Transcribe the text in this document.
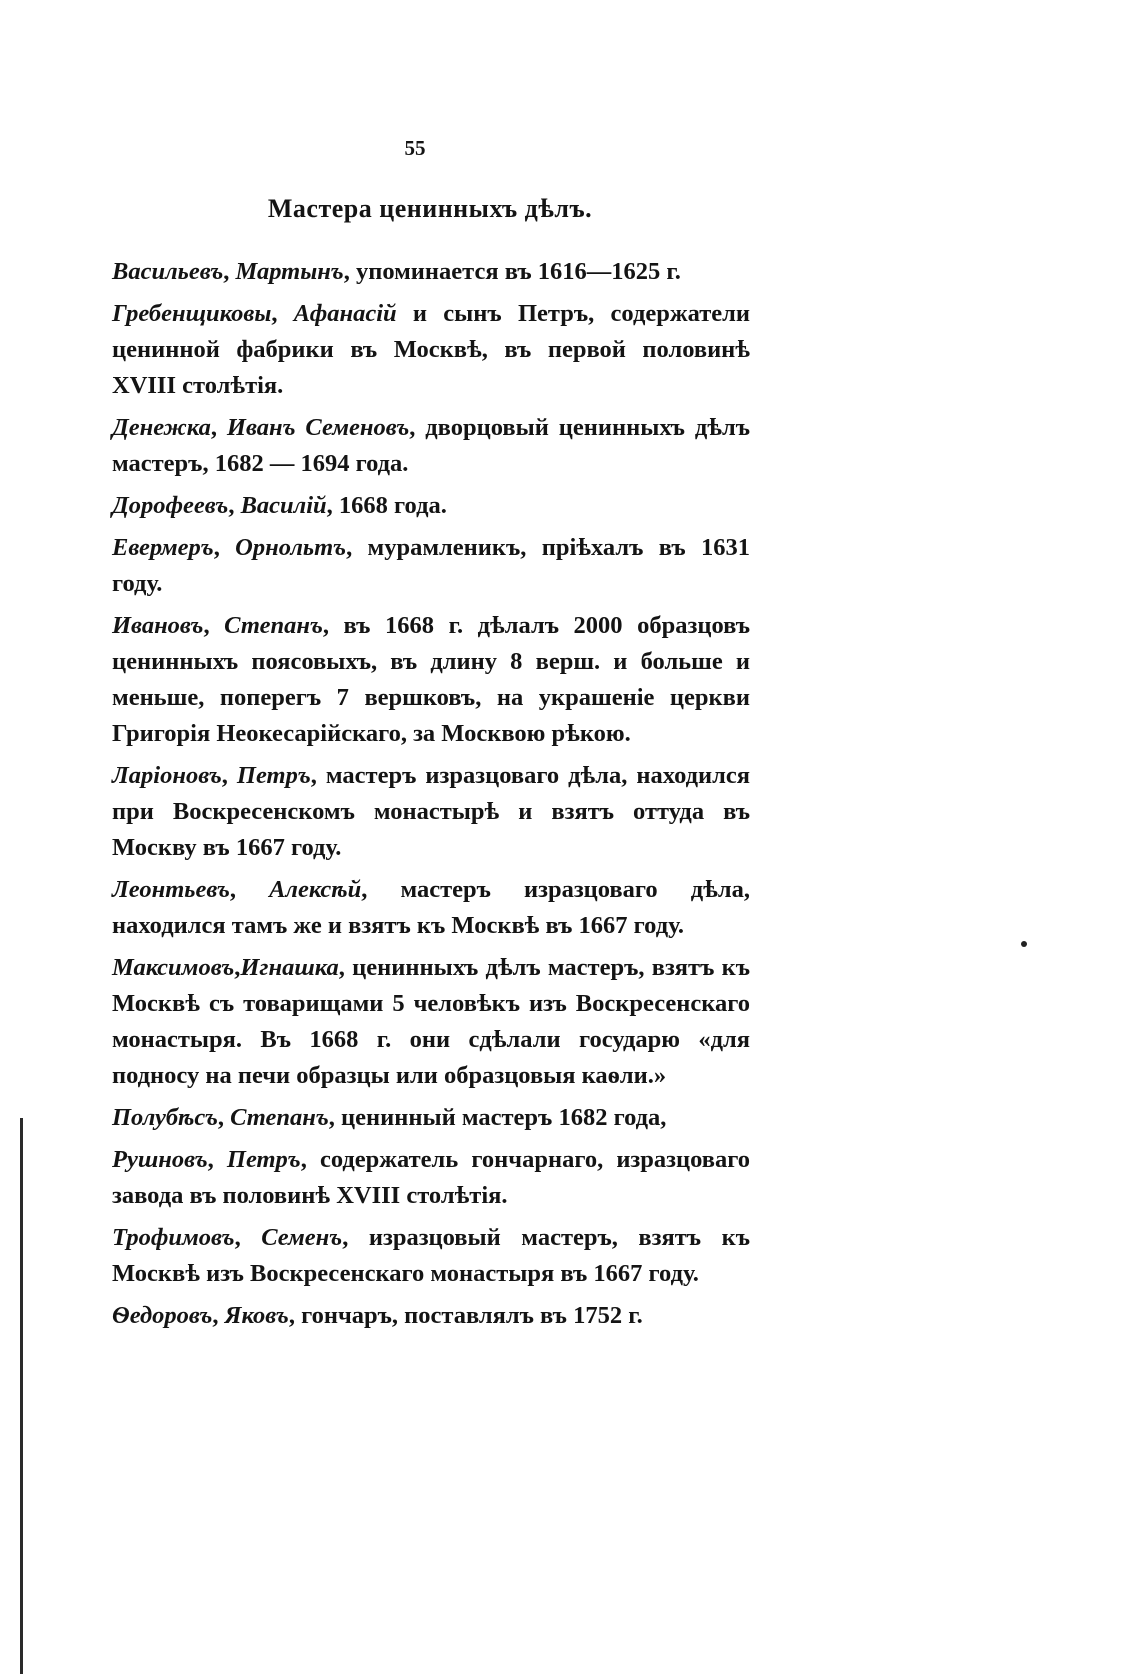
55
Мастера ценинныхъ дѣлъ.

Васильевъ, Мартынъ, упоминается въ 1616—1625 г.

Гребенщиковы, Афанасій и сынъ Петръ, содержатели ценинной фабрики въ Москвѣ, въ первой половинѣ XVIII столѣтія.

Денежка, Иванъ Семеновъ, дворцовый ценинныхъ дѣлъ мастеръ, 1682 — 1694 года.

Дорофеевъ, Василій, 1668 года.

Евермеръ, Орнольтъ, мурамленикъ, прiѣхалъ въ 1631 году.

Ивановъ, Степанъ, въ 1668 г. дѣлалъ 2000 образцовъ ценинныхъ поясовыхъ, въ длину 8 верш. и больше и меньше, поперегъ 7 вершковъ, на украшенiе церкви Григорiя Неокесарiйскаго, за Москвою рѣкою.

Ларiоновъ, Петръ, мастеръ изразцоваго дѣла, находился при Воскресенскомъ монастырѣ и взятъ оттуда въ Москву въ 1667 году.

Леонтьевъ, Алексѣй, мастеръ изразцоваго дѣла, находился тамъ же и взятъ къ Москвѣ въ 1667 году.

Максимовъ,Игнашка, ценинныхъ дѣлъ мастеръ, взятъ къ Москвѣ съ товарищами 5 человѣкъ изъ Воскресенскаго монастыря. Въ 1668 г. они сдѣлали государю «для подносу на печи образцы или образцовыя каѳли.»

Полубѣсъ, Степанъ, ценинный мастеръ 1682 года,

Рушновъ, Петръ, содержатель гончарнаго, изразцоваго завода въ половинѣ XVIII столѣтія.

Трофимовъ, Семенъ, изразцовый мастеръ, взятъ къ Москвѣ изъ Воскресенскаго монастыря въ 1667 году.

Ѳедоровъ, Яковъ, гончаръ, поставлялъ въ 1752 г.
